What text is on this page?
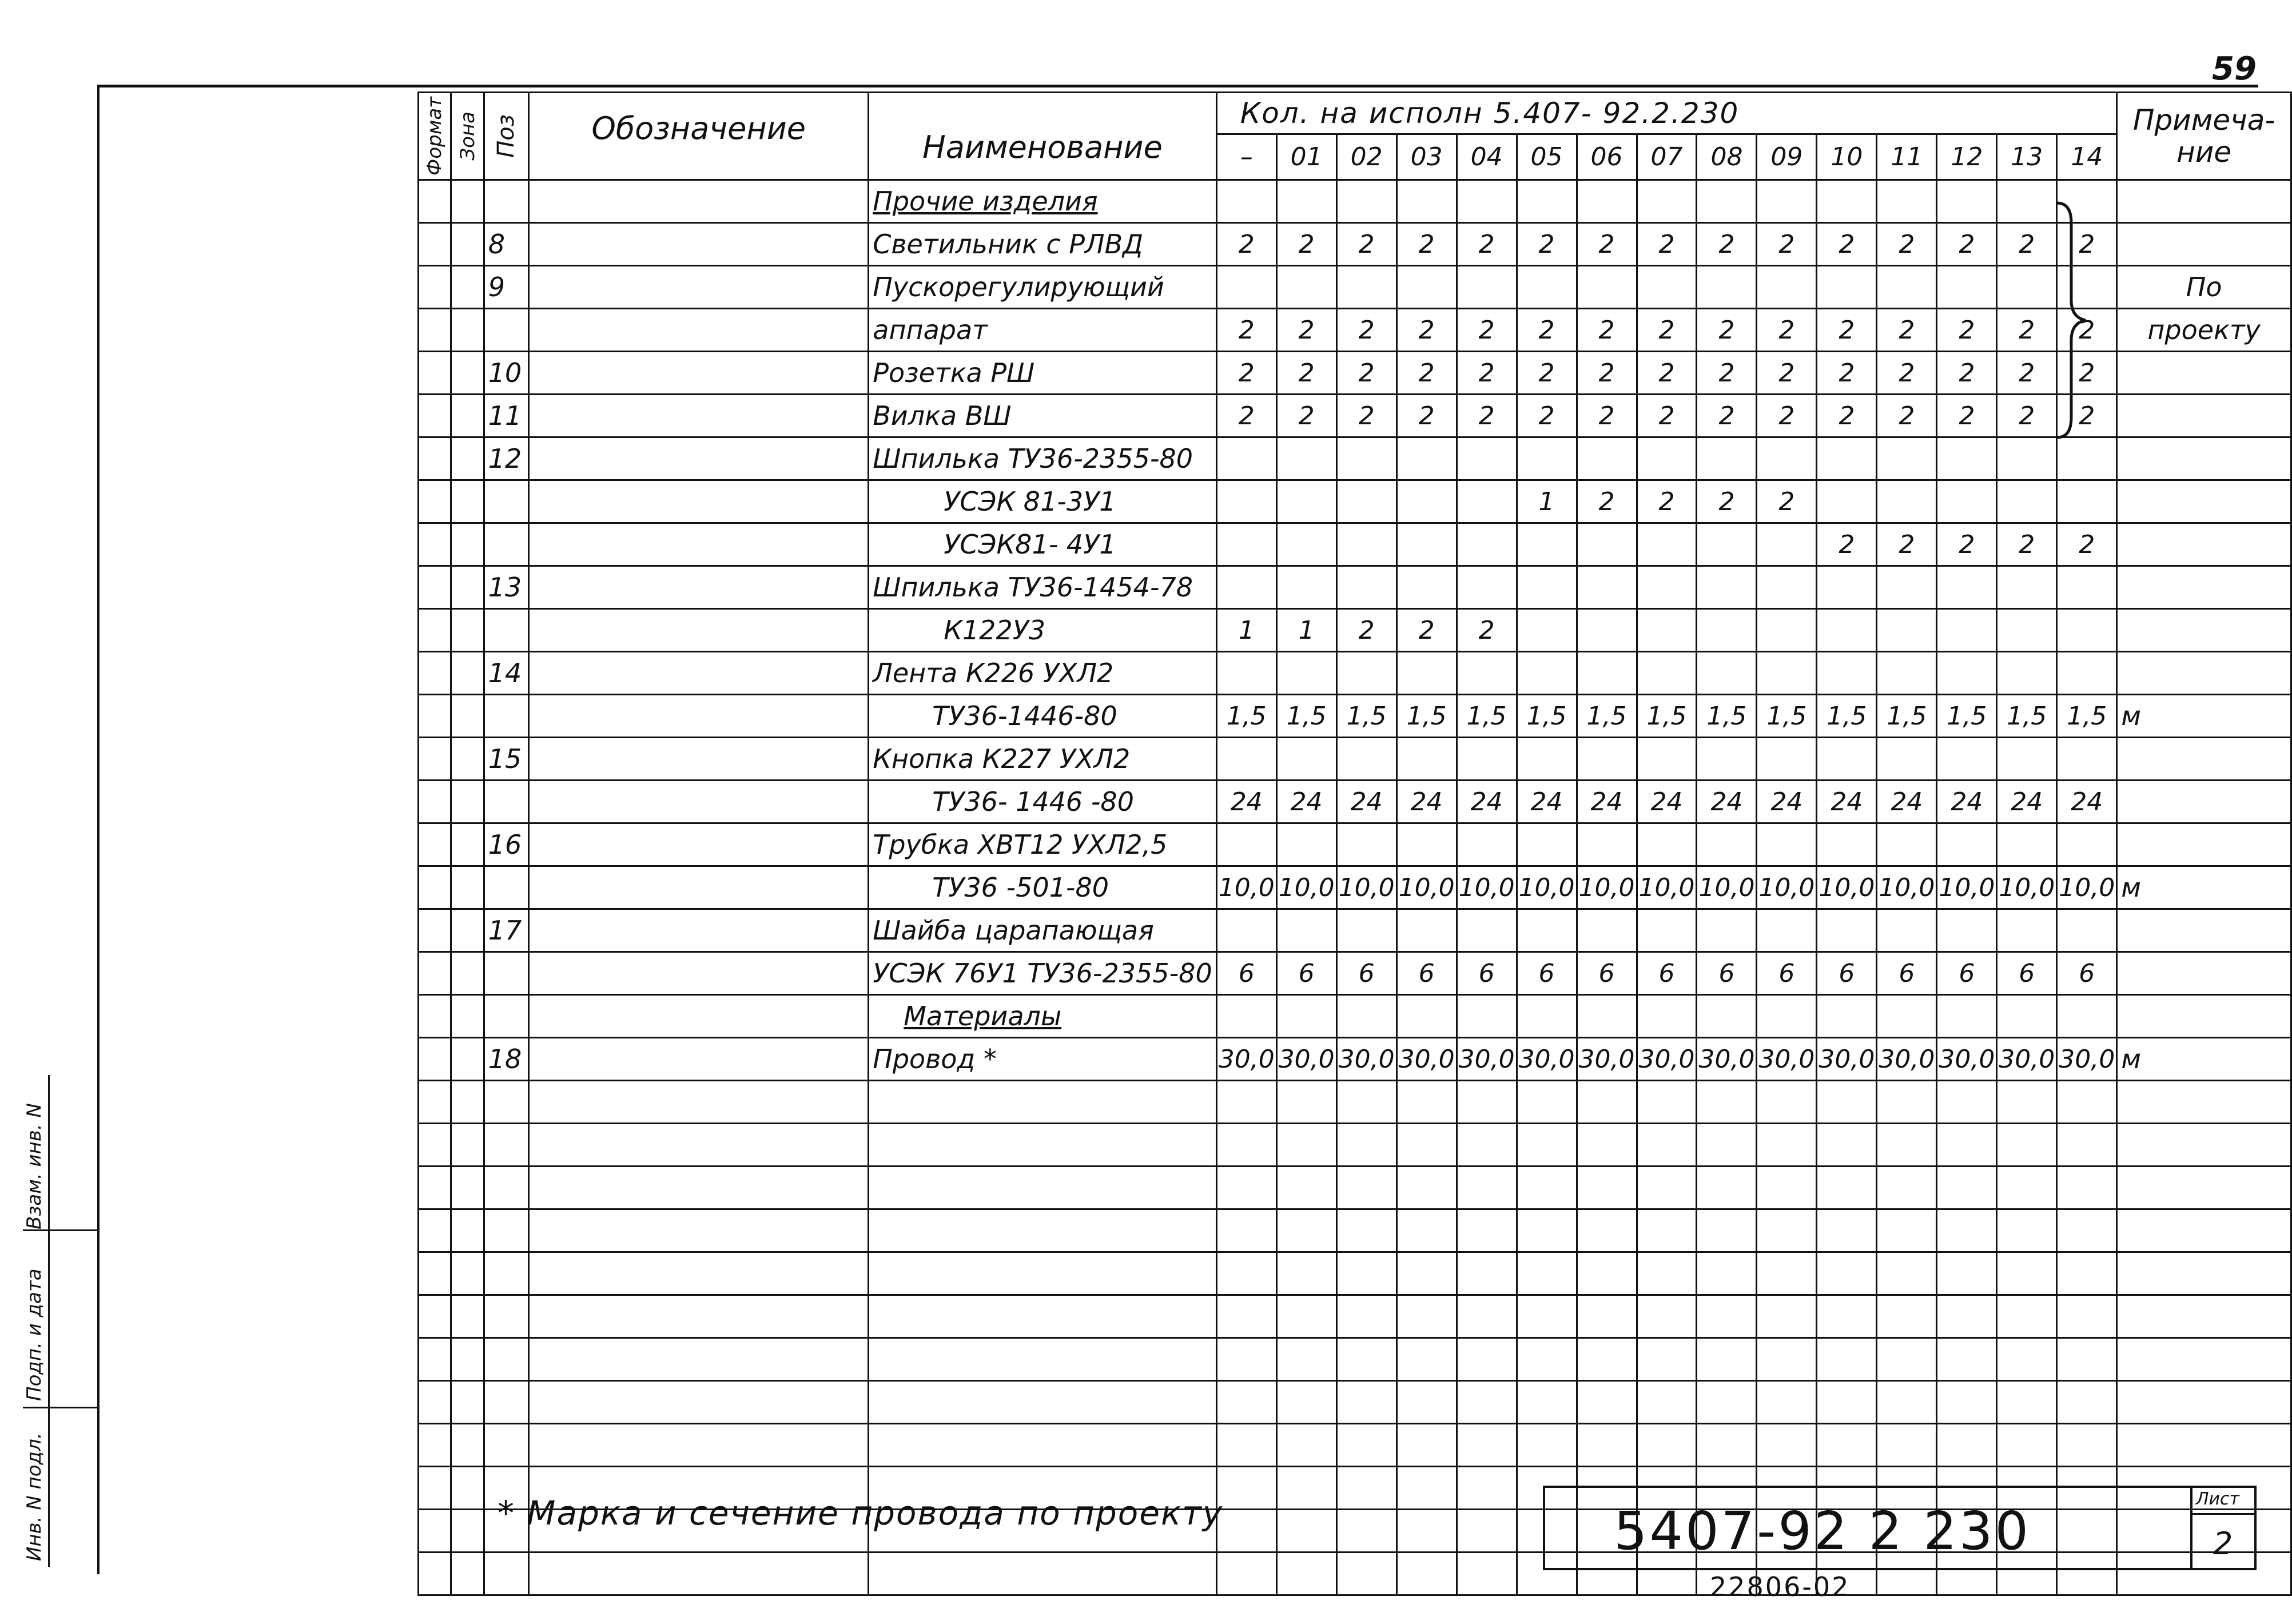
59
Взам. инв. N
Подп. и дата
Инв. N подл.
Формат	Зона	Поз	Обозначение	Наименование	Кол. на исполн 5.407- 92.2.230															Примеча-ние
					–	01	02	03	04	05	06	07	08	09	10	11	12	13	14	
				Прочие изделия																
		8		Светильник с РЛВД	2	2	2	2	2	2	2	2	2	2	2	2	2	2	2	
		9		Пускорегулирующий																По
				аппарат	2	2	2	2	2	2	2	2	2	2	2	2	2	2	2	проекту
		10		Розетка РШ	2	2	2	2	2	2	2	2	2	2	2	2	2	2	2	
		11		Вилка ВШ	2	2	2	2	2	2	2	2	2	2	2	2	2	2	2	
		12		Шпилька ТУ36-2355-80																
				УСЭК 81-3У1						1	2	2	2	2						
				УСЭК81- 4У1											2	2	2	2	2	
		13		Шпилька ТУ36-1454-78																
				К122У3	1	1	2	2	2											
		14		Лента К226 УХЛ2																
				ТУ36-1446-80	1,5	1,5	1,5	1,5	1,5	1,5	1,5	1,5	1,5	1,5	1,5	1,5	1,5	1,5	1,5	м
		15		Кнопка К227 УХЛ2																
				ТУ36- 1446 -80	24	24	24	24	24	24	24	24	24	24	24	24	24	24	24	
		16		Трубка ХВТ12 УХЛ2,5																
				ТУ36 -501-80	10,0	10,0	10,0	10,0	10,0	10,0	10,0	10,0	10,0	10,0	10,0	10,0	10,0	10,0	10,0	м
		17		Шайба царапающая																
				УСЭК 76У1 ТУ36-2355-80	6	6	6	6	6	6	6	6	6	6	6	6	6	6	6	
				Материалы																
		18		Провод *	30,0	30,0	30,0	30,0	30,0	30,0	30,0	30,0	30,0	30,0	30,0	30,0	30,0	30,0	30,0	м

* Марка и сечение провода по проекту	5407-92 2 230
Лист
2
22806-02
